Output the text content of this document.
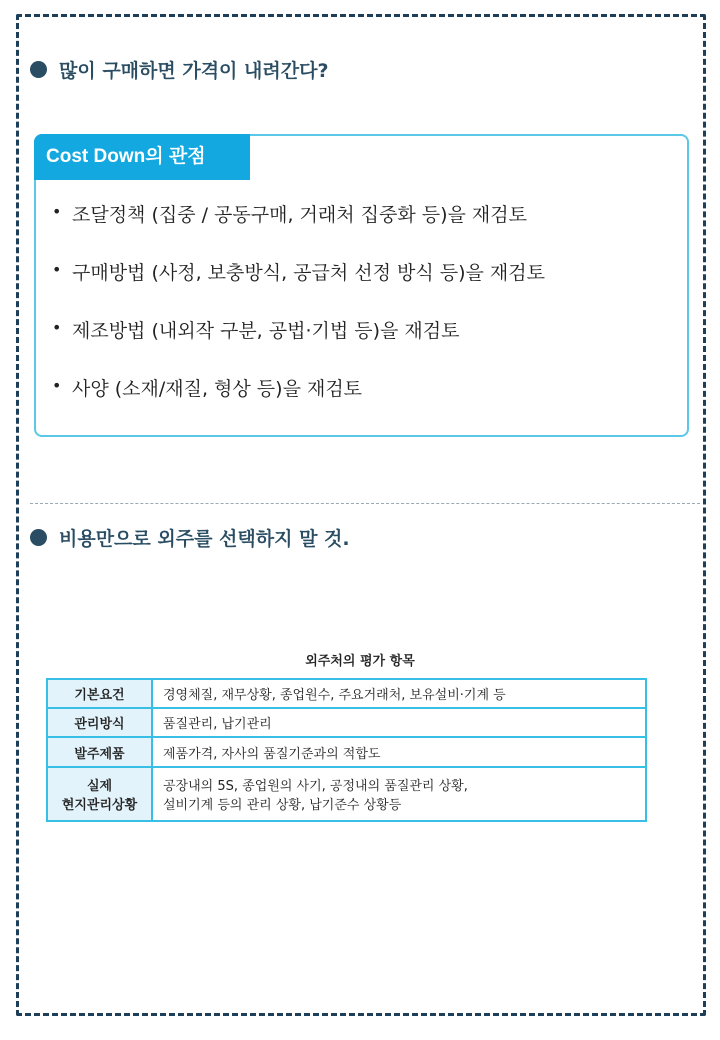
많이 구매하면 가격이 내려간다?
Cost Down의 관점
• 조달정책 (집중 / 공동구매, 거래처 집중화 등)을 재검토
• 구매방법 (사정, 보충방식, 공급처 선정 방식 등)을 재검토
• 제조방법 (내외작 구분, 공법·기법 등)을 재검토
• 사양 (소재/재질, 형상 등)을 재검토
비용만으로 외주를 선택하지 말 것.
외주처의 평가 항목
기본요건	경영체질, 재무상황, 종업원수, 주요거래처, 보유설비·기계 등
관리방식	품질관리, 납기관리
발주제품	제품가격, 자사의 품질기준과의 적합도

실제
현지관리상황	공장내의 5S, 종업원의 사기, 공정내의 품질관리 상황,
설비기계 등의 관리 상황, 납기준수 상황등
